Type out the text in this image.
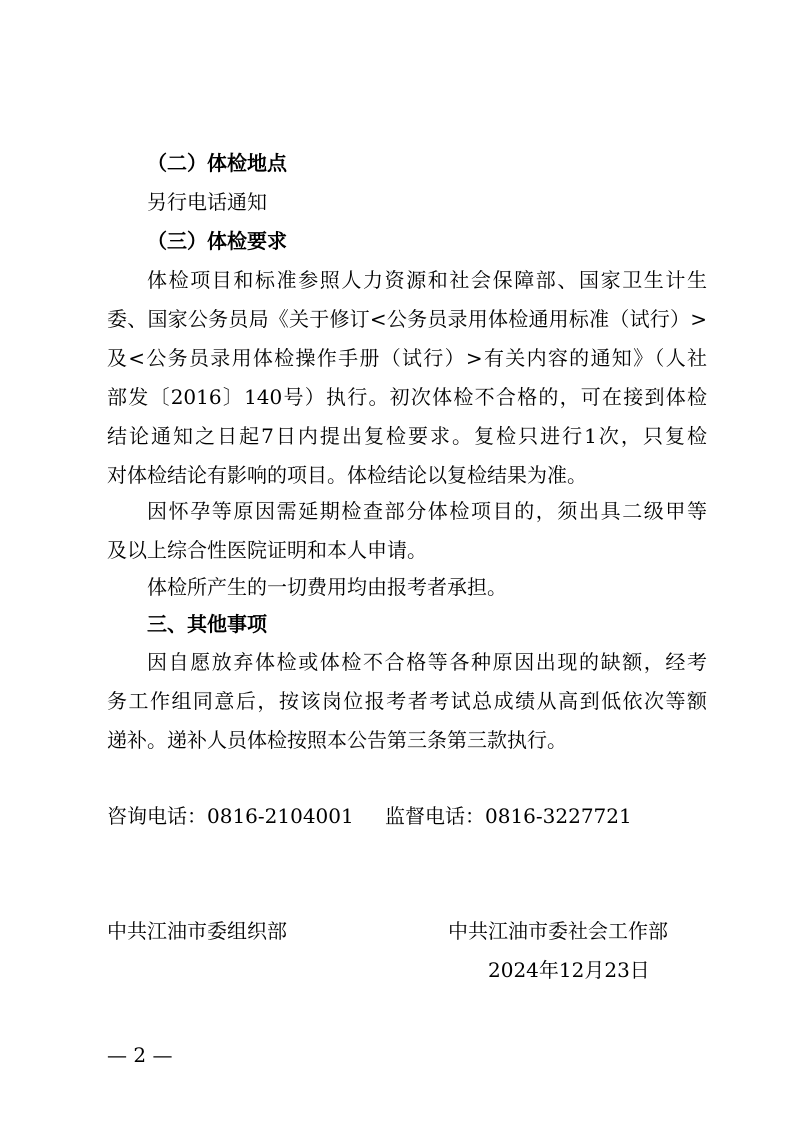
（二）体检地点
另行电话通知
（三）体检要求
体检项目和标准参照人力资源和社会保障部、国家卫生计生
委、国家公务员局《关于修订<公务员录用体检通用标准（试行）>
及<公务员录用体检操作手册（试行）>有关内容的通知》（人社
部发〔2016〕140号）执行。初次体检不合格的，可在接到体检
结论通知之日起7日内提出复检要求。复检只进行1次，只复检
对体检结论有影响的项目。体检结论以复检结果为准。
因怀孕等原因需延期检查部分体检项目的，须出具二级甲等
及以上综合性医院证明和本人申请。
体检所产生的一切费用均由报考者承担。
三、其他事项
因自愿放弃体检或体检不合格等各种原因出现的缺额，经考
务工作组同意后，按该岗位报考者考试总成绩从高到低依次等额
递补。递补人员体检按照本公告第三条第三款执行。
咨询电话：0816-2104001 监督电话：0816-3227721
中共江油市委组织部	中共江油市委社会工作部
2024年12月23日
— 2 —
